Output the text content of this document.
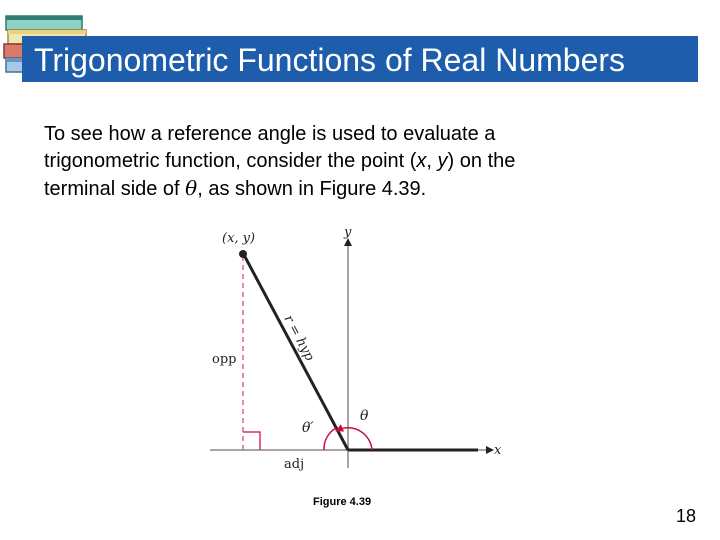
Trigonometric Functions of Real Numbers

To see how a reference angle is used to evaluate a
trigonometric function, consider the point (x, y) on the
terminal side of θ, as shown in Figure 4.39.

(x, y)
opp
adj
r = hyp
θ
θ′
x
y
Figure 4.39
18
